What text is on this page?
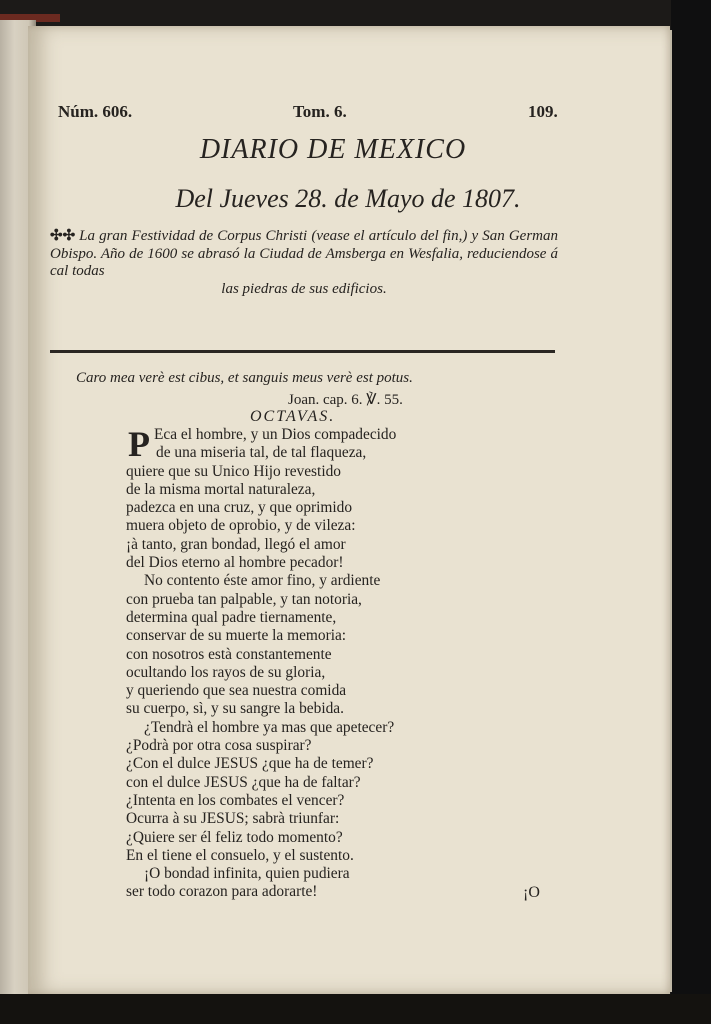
Núm. 606.	Tom. 6.	109.
DIARIO DE MEXICO
Del Jueves 28. de Mayo de 1807.
✣✣ La gran Festividad de Corpus Christi (vease el artículo del fin,) y San German Obispo. Año de 1600 se abrasó la Ciudad de Amsberga en Wesfalia, reduciendose á cal todas
las piedras de sus edificios.
Caro mea verè est cibus, et sanguis meus verè est potus.
Joan. cap. 6. ℣. 55.
OCTAVAS.
P Eca el hombre, y un Dios compadecido
de una miseria tal, de tal flaqueza,
quiere que su Unico Hijo revestido
de la misma mortal naturaleza,
padezca en una cruz, y que oprimido
muera objeto de oprobio, y de vileza:
¡à tanto, gran bondad, llegó el amor
del Dios eterno al hombre pecador!
No contento éste amor fino, y ardiente
con prueba tan palpable, y tan notoria,
determina qual padre tiernamente,
conservar de su muerte la memoria:
con nosotros està constantemente
ocultando los rayos de su gloria,
y queriendo que sea nuestra comida
su cuerpo, sì, y su sangre la bebida.
¿Tendrà el hombre ya mas que apetecer?
¿Podrà por otra cosa suspirar?
¿Con el dulce JESUS ¿que ha de temer?
con el dulce JESUS ¿que ha de faltar?
¿Intenta en los combates el vencer?
Ocurra à su JESUS; sabrà triunfar:
¿Quiere ser él feliz todo momento?
En el tiene el consuelo, y el sustento.
¡O bondad infinita, quien pudiera
ser todo corazon para adorarte!	¡O
